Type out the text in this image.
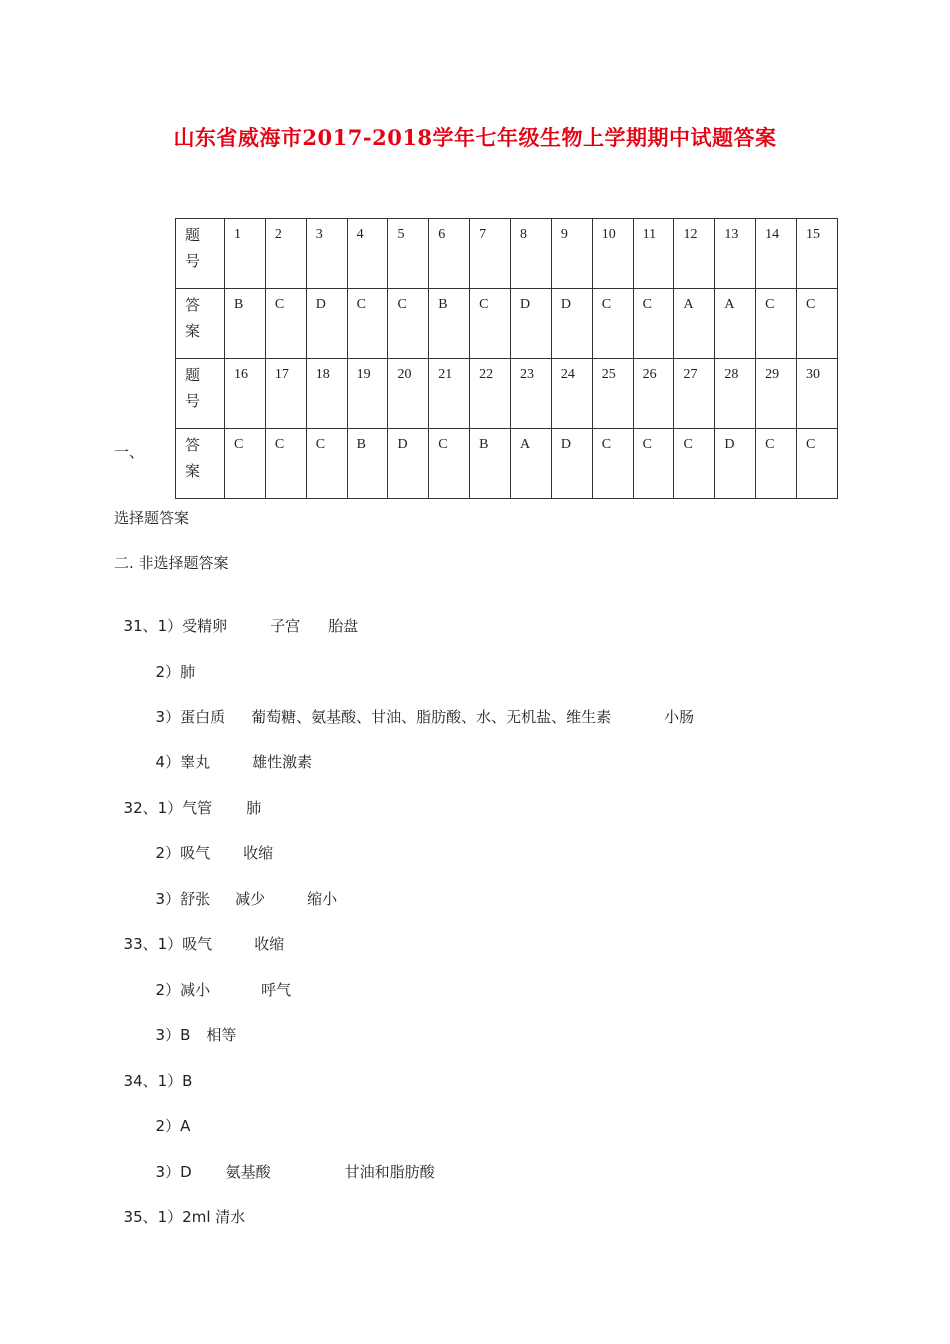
山东省威海市2017-2018学年七年级生物上学期期中试题答案
题
号	1	2	3	4	5	6	7	8	9	10	11	12	13	14	15

答
案	B	C	D	C	C	B	C	D	D	C	C	A	A	C	C

题
号	16	17	18	19	20	21	22	23	24	25	26	27	28	29	30

答
案	C	C	C	B	D	C	B	A	D	C	C	C	D	C	C
一、
选择题答案
二. 非选择题答案

31、1）受精卵	子宫 胎盘

2）肺

3）蛋白质 葡萄糖、氨基酸、甘油、脂肪酸、水、无机盐、维生素	小肠

4）睾丸	雄性激素

32、1）气管 肺

2）吸气 收缩

3）舒张 减少	缩小

33、1）吸气	收缩

2）减小	呼气

3）B 相等

34、1）B

2）A

3）D 氨基酸	甘油和脂肪酸

35、1）2ml 清水
